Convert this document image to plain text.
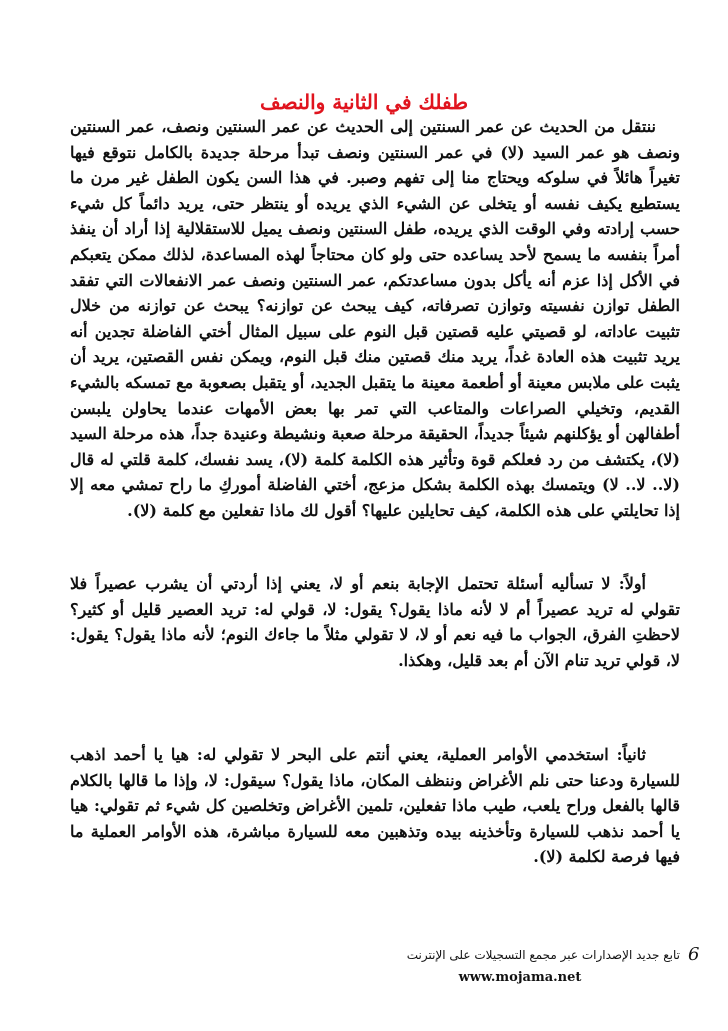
طفلك في الثانية والنصف
ننتقل من الحديث عن عمر السنتين إلى الحديث عن عمر السنتين ونصف، عمر السنتين ونصف هو عمر السيد (لا) في عمر السنتين ونصف تبدأ مرحلة جديدة بالكامل نتوقع فيها تغيراً هائلاً في سلوكه ويحتاج منا إلى تفهم وصبر. في هذا السن يكون الطفل غير مرن ما يستطيع يكيف نفسه أو يتخلى عن الشيء الذي يريده أو ينتظر حتى، يريد دائماً كل شيء حسب إرادته وفي الوقت الذي يريده، طفل السنتين ونصف يميل للاستقلالية إذا أراد أن ينفذ أمراً بنفسه ما يسمح لأحد يساعده حتى ولو كان محتاجاً لهذه المساعدة، لذلك ممكن يتعبكم في الأكل إذا عزم أنه يأكل بدون مساعدتكم، عمر السنتين ونصف عمر الانفعالات التي تفقد الطفل توازن نفسيته وتوازن تصرفاته، كيف يبحث عن توازنه؟ يبحث عن توازنه من خلال تثبيت عاداته، لو قصيتي عليه قصتين قبل النوم على سبيل المثال أختي الفاضلة تجدين أنه يريد تثبيت هذه العادة غداً، يريد منك قصتين منك قبل النوم، ويمكن نفس القصتين، يريد أن يثبت على ملابس معينة أو أطعمة معينة ما يتقبل الجديد، أو يتقبل بصعوبة مع تمسكه بالشيء القديم، وتخيلي الصراعات والمتاعب التي تمر بها بعض الأمهات عندما يحاولن يلبسن أطفالهن أو يؤكلنهم شيئاً جديداً، الحقيقة مرحلة صعبة ونشيطة وعنيدة جداً، هذه مرحلة السيد (لا)، يكتشف من رد فعلكم قوة وتأثير هذه الكلمة كلمة (لا)، يسد نفسك، كلمة قلتي له قال (لا.. لا.. لا) ويتمسك بهذه الكلمة بشكل مزعج، أختي الفاضلة أموركِ ما راح تمشي معه إلا إذا تحايلتي على هذه الكلمة، كيف تحايلين عليها؟ أقول لك ماذا تفعلين مع كلمة (لا).
أولاً: لا تسأليه أسئلة تحتمل الإجابة بنعم أو لا، يعني إذا أردتي أن يشرب عصيراً فلا تقولي له تريد عصيراً أم لا لأنه ماذا يقول؟ يقول: لا، قولي له: تريد العصير قليل أو كثير؟ لاحظتِ الفرق، الجواب ما فيه نعم أو لا، لا تقولي مثلاً ما جاءك النوم؛ لأنه ماذا يقول؟ يقول: لا، قولي تريد تنام الآن أم بعد قليل، وهكذا.
ثانياً: استخدمي الأوامر العملية، يعني أنتم على البحر لا تقولي له: هيا يا أحمد اذهب للسيارة ودعنا حتى نلم الأغراض وننظف المكان، ماذا يقول؟ سيقول: لا، وإذا ما قالها بالكلام قالها بالفعل وراح يلعب، طيب ماذا تفعلين، تلمين الأغراض وتخلصين كل شيء ثم تقولي: هيا يا أحمد نذهب للسيارة وتأخذينه بيده وتذهبين معه للسيارة مباشرة، هذه الأوامر العملية ما فيها فرصة لكلمة (لا).
6
تابع جديد الإصدارات عبر مجمع التسجيلات على الإنترنت
www.mojama.net
